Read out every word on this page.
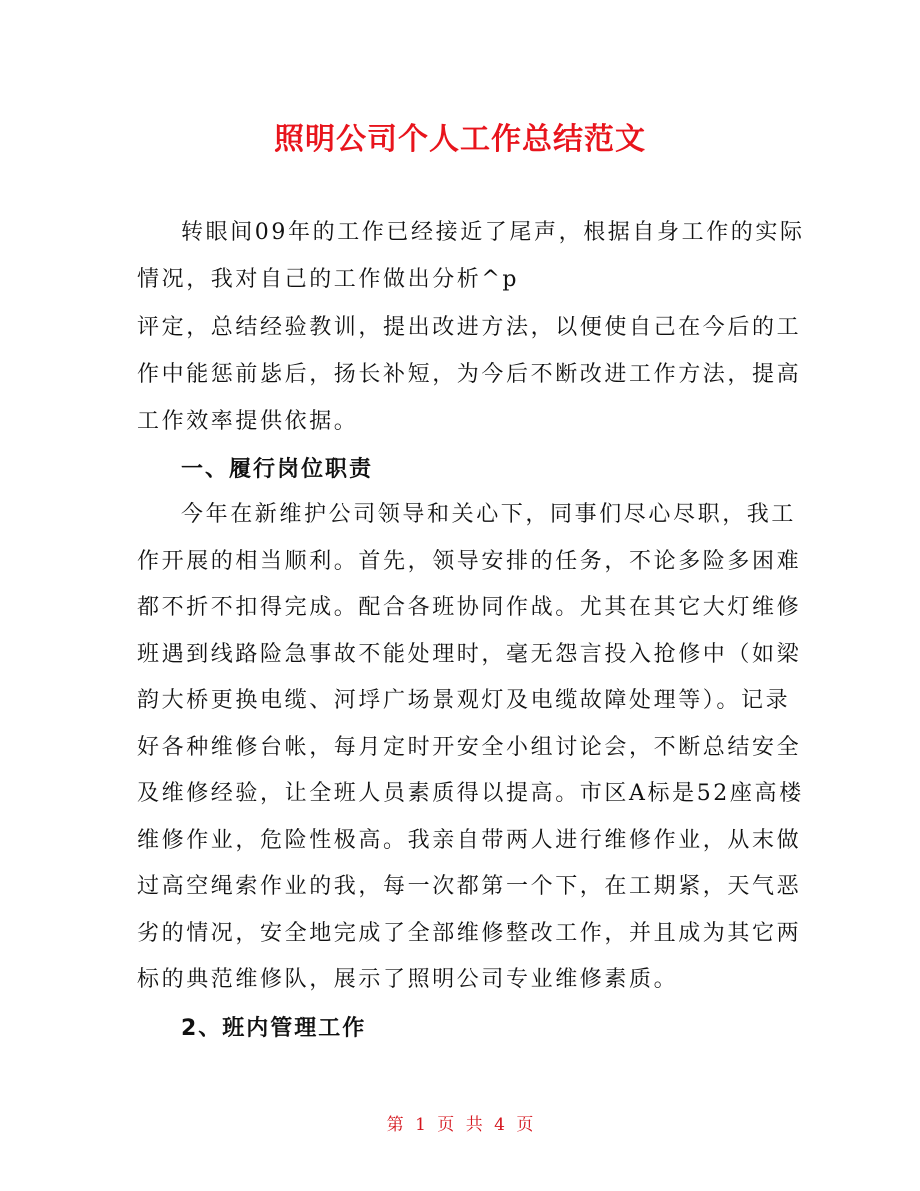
照明公司个人工作总结范文
转眼间09年的工作已经接近了尾声，根据自身工作的实际
情况，我对自己的工作做出分析^p
评定，总结经验教训，提出改进方法，以便使自己在今后的工
作中能惩前毖后，扬长补短，为今后不断改进工作方法，提高
工作效率提供依据。
一、履行岗位职责
今年在新维护公司领导和关心下，同事们尽心尽职，我工
作开展的相当顺利。首先，领导安排的任务，不论多险多困难
都不折不扣得完成。配合各班协同作战。尤其在其它大灯维修
班遇到线路险急事故不能处理时，毫无怨言投入抢修中（如梁
韵大桥更换电缆、河垺广场景观灯及电缆故障处理等）。记录
好各种维修台帐，每月定时开安全小组讨论会，不断总结安全
及维修经验，让全班人员素质得以提高。市区A标是52座高楼
维修作业，危险性极高。我亲自带两人进行维修作业，从末做
过高空绳索作业的我，每一次都第一个下，在工期紧，天气恶
劣的情况，安全地完成了全部维修整改工作，并且成为其它两
标的典范维修队，展示了照明公司专业维修素质。
2、班内管理工作
第 1 页 共 4 页
